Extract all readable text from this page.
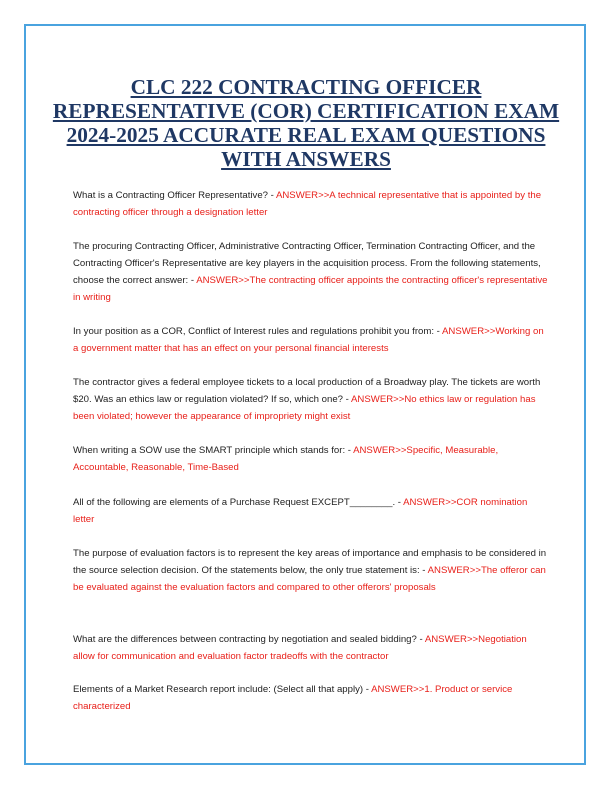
CLC 222 CONTRACTING OFFICER REPRESENTATIVE (COR) CERTIFICATION EXAM 2024-2025 ACCURATE REAL EXAM QUESTIONS WITH ANSWERS

What is a Contracting Officer Representative? - ANSWER>>A technical representative that is appointed by the contracting officer through a designation letter

The procuring Contracting Officer, Administrative Contracting Officer, Termination Contracting Officer, and the Contracting Officer's Representative are key players in the acquisition process. From the following statements, choose the correct answer: - ANSWER>>The contracting officer appoints the contracting officer's representative in writing

In your position as a COR, Conflict of Interest rules and regulations prohibit you from: - ANSWER>>Working on a government matter that has an effect on your personal financial interests

The contractor gives a federal employee tickets to a local production of a Broadway play. The tickets are worth $20. Was an ethics law or regulation violated? If so, which one? - ANSWER>>No ethics law or regulation has been violated; however the appearance of impropriety might exist

When writing a SOW use the SMART principle which stands for: - ANSWER>>Specific, Measurable, Accountable, Reasonable, Time-Based

All of the following are elements of a Purchase Request EXCEPT________. - ANSWER>>COR nomination letter

The purpose of evaluation factors is to represent the key areas of importance and emphasis to be considered in the source selection decision. Of the statements below, the only true statement is: - ANSWER>>The offeror can be evaluated against the evaluation factors and compared to other offerors' proposals

What are the differences between contracting by negotiation and sealed bidding? - ANSWER>>Negotiation allow for communication and evaluation factor tradeoffs with the contractor

Elements of a Market Research report include: (Select all that apply) - ANSWER>>1. Product or service characterized
